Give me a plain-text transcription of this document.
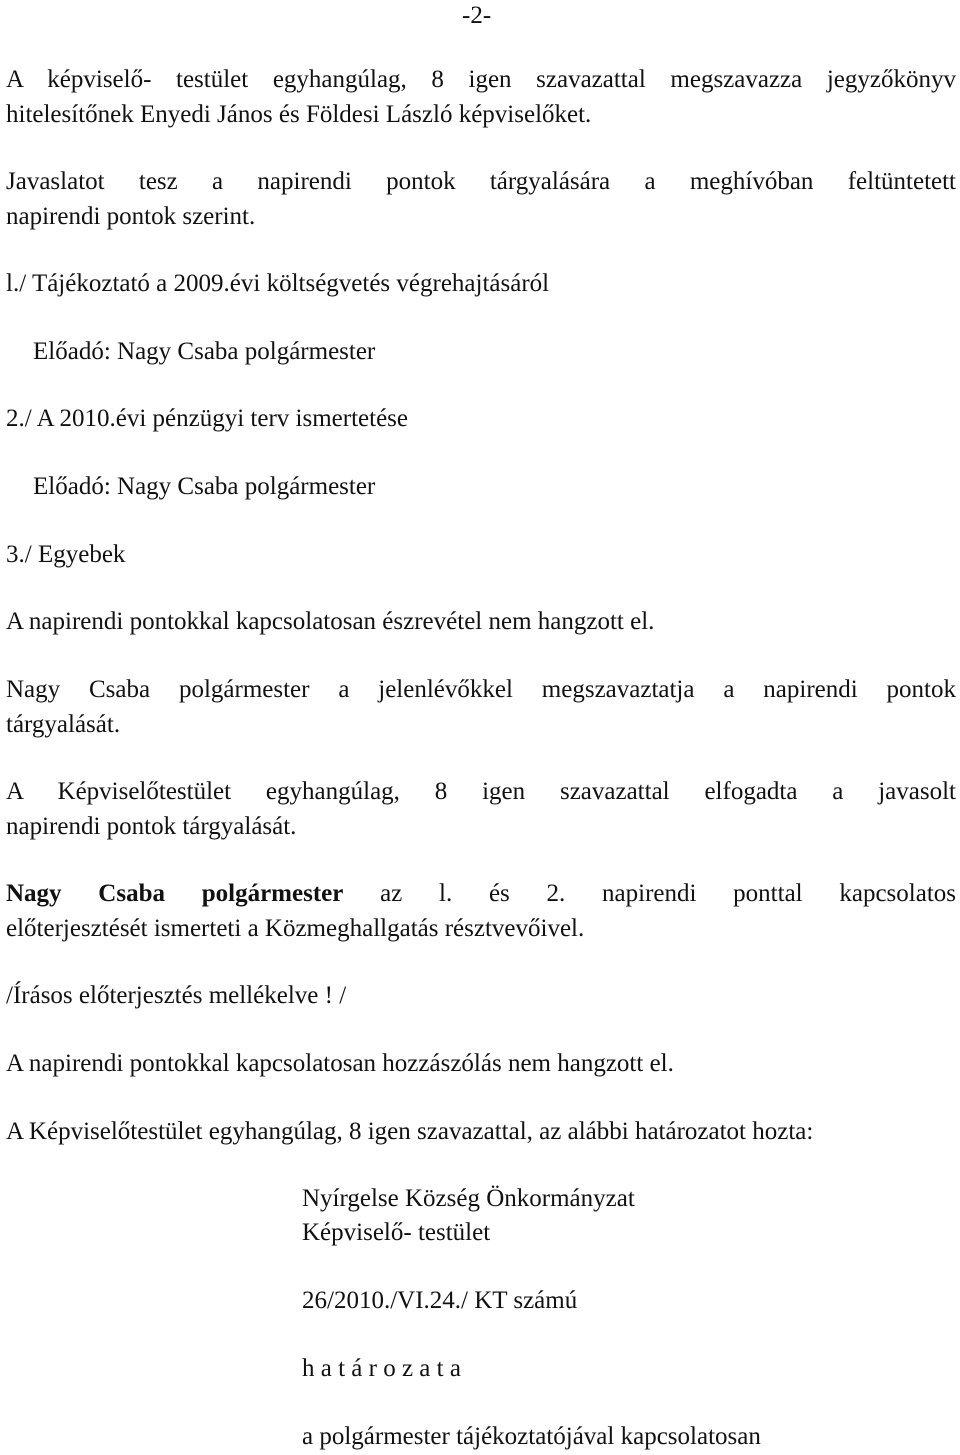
-2-

A képviselő- testület egyhangúlag, 8 igen szavazattal megszavazza jegyzőkönyv

hitelesítőnek Enyedi János és Földesi László képviselőket.

Javaslatot tesz a napirendi pontok tárgyalására a meghívóban feltüntetett

napirendi pontok szerint.

l./ Tájékoztató a 2009.évi költségvetés végrehajtásáról

Előadó: Nagy Csaba polgármester

2./ A 2010.évi pénzügyi terv ismertetése

Előadó: Nagy Csaba polgármester

3./ Egyebek

A napirendi pontokkal kapcsolatosan észrevétel nem hangzott el.

Nagy Csaba polgármester a jelenlévőkkel megszavaztatja a napirendi pontok

tárgyalását.

A Képviselőtestület egyhangúlag, 8 igen szavazattal elfogadta a javasolt

napirendi pontok tárgyalását.

Nagy Csaba polgármester az l. és 2. napirendi ponttal kapcsolatos

előterjesztését ismerteti a Közmeghallgatás résztvevőivel.

/Írásos előterjesztés mellékelve ! /

A napirendi pontokkal kapcsolatosan hozzászólás nem hangzott el.

A Képviselőtestület egyhangúlag, 8 igen szavazattal, az alábbi határozatot hozta:

Nyírgelse Község Önkormányzat

Képviselő- testület

26/2010./VI.24./ KT számú

h a t á r o z a t a

a polgármester tájékoztatójával kapcsolatosan
